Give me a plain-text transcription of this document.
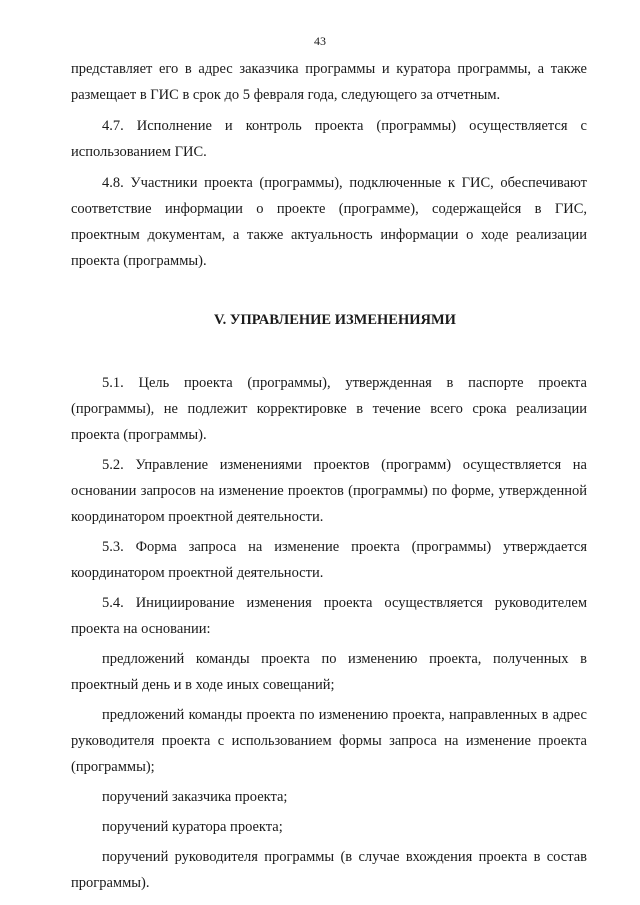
43

представляет его в адрес заказчика программы и куратора программы, а также размещает в ГИС в срок до 5 февраля года, следующего за отчетным.

4.7. Исполнение и контроль проекта (программы) осуществляется с использованием ГИС.

4.8. Участники проекта (программы), подключенные к ГИС, обеспечивают соответствие информации о проекте (программе), содержащейся в ГИС, проектным документам, а также актуальность информации о ходе реализации проекта (программы).

V. УПРАВЛЕНИЕ ИЗМЕНЕНИЯМИ

5.1. Цель проекта (программы), утвержденная в паспорте проекта (программы), не подлежит корректировке в течение всего срока реализации проекта (программы).

5.2. Управление изменениями проектов (программ) осуществляется на основании запросов на изменение проектов (программы) по форме, утвержденной координатором проектной деятельности.

5.3. Форма запроса на изменение проекта (программы) утверждается координатором проектной деятельности.

5.4. Инициирование изменения проекта осуществляется руководителем проекта на основании:

предложений команды проекта по изменению проекта, полученных в проектный день и в ходе иных совещаний;

предложений команды проекта по изменению проекта, направленных в адрес руководителя проекта с использованием формы запроса на изменение проекта (программы);

поручений заказчика проекта;

поручений куратора проекта;

поручений руководителя программы (в случае вхождения проекта в состав программы).
